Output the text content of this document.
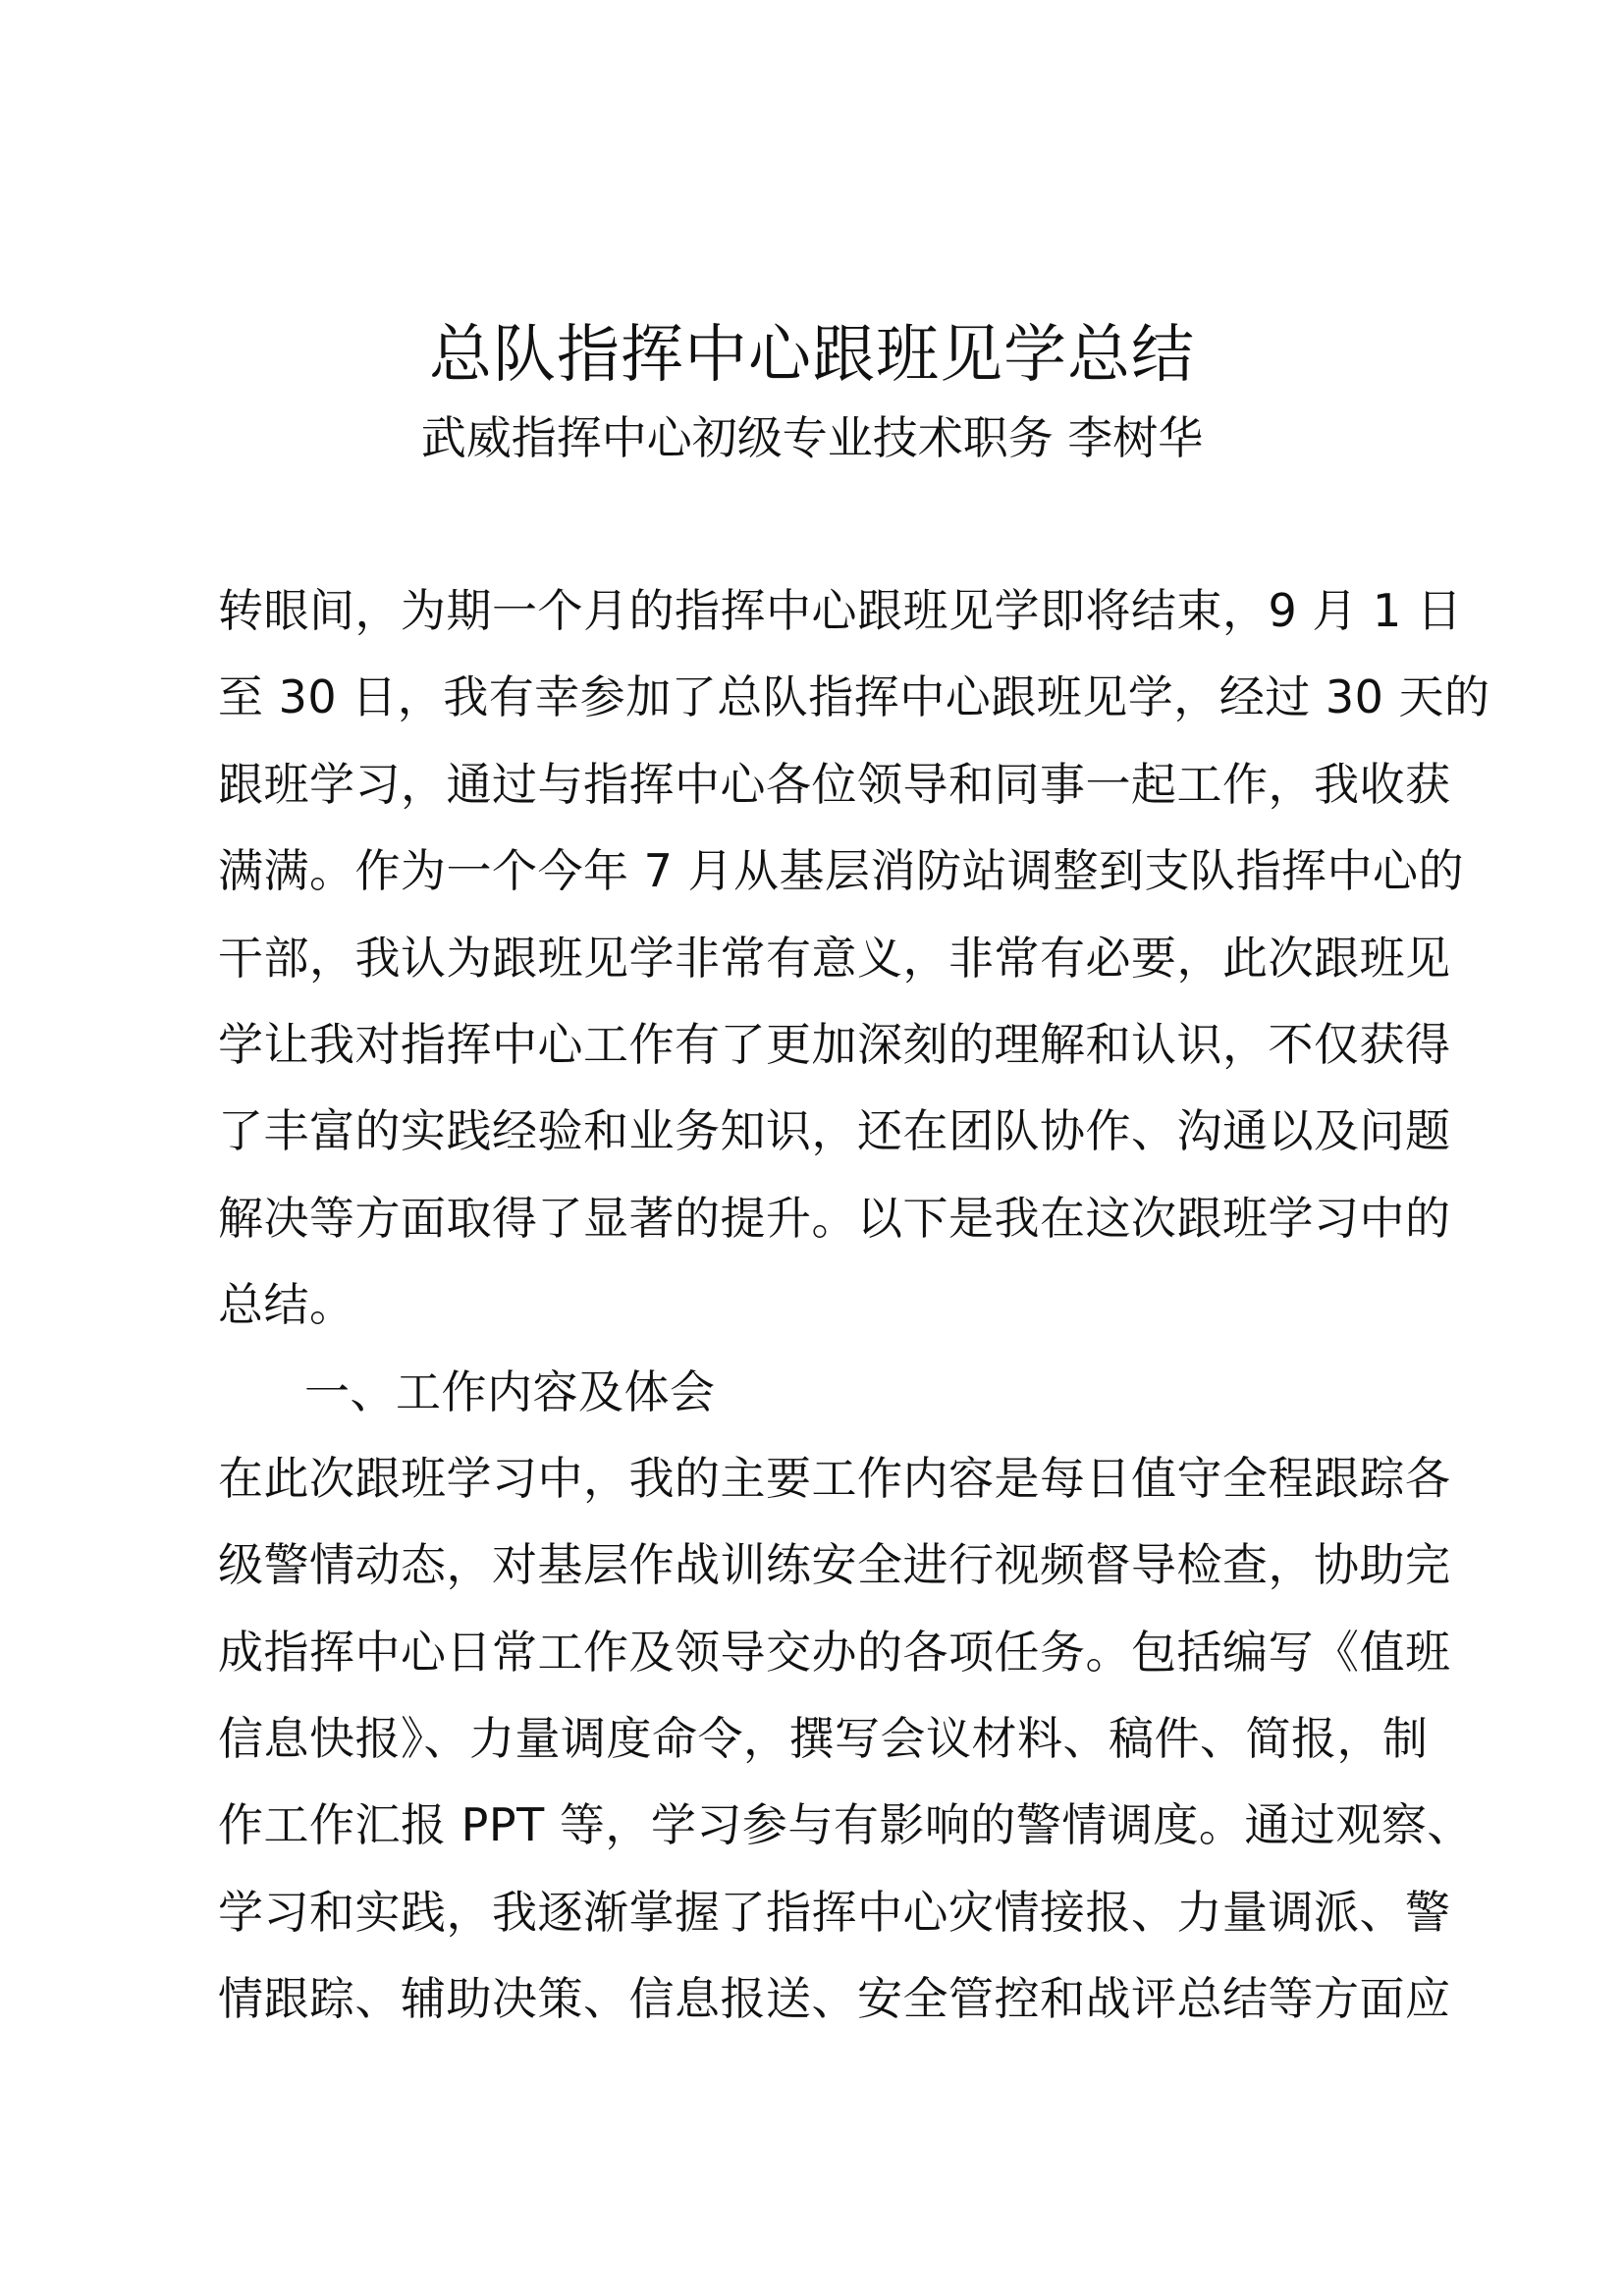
总队指挥中心跟班见学总结
武威指挥中心初级专业技术职务 李树华
转眼间，为期一个月的指挥中心跟班见学即将结束，9 月 1 日
至 30 日，我有幸参加了总队指挥中心跟班见学，经过 30 天的
跟班学习，通过与指挥中心各位领导和同事一起工作，我收获
满满。作为一个今年 7 月从基层消防站调整到支队指挥中心的
干部，我认为跟班见学非常有意义，非常有必要，此次跟班见
学让我对指挥中心工作有了更加深刻的理解和认识，不仅获得
了丰富的实践经验和业务知识，还在团队协作、沟通以及问题
解决等方面取得了显著的提升。以下是我在这次跟班学习中的
总结。
一、工作内容及体会
在此次跟班学习中，我的主要工作内容是每日值守全程跟踪各
级警情动态，对基层作战训练安全进行视频督导检查，协助完
成指挥中心日常工作及领导交办的各项任务。包括编写《值班
信息快报》、力量调度命令，撰写会议材料、稿件、简报，制
作工作汇报 PPT 等，学习参与有影响的警情调度。通过观察、
学习和实践，我逐渐掌握了指挥中心灾情接报、力量调派、警
情跟踪、辅助决策、信息报送、安全管控和战评总结等方面应
